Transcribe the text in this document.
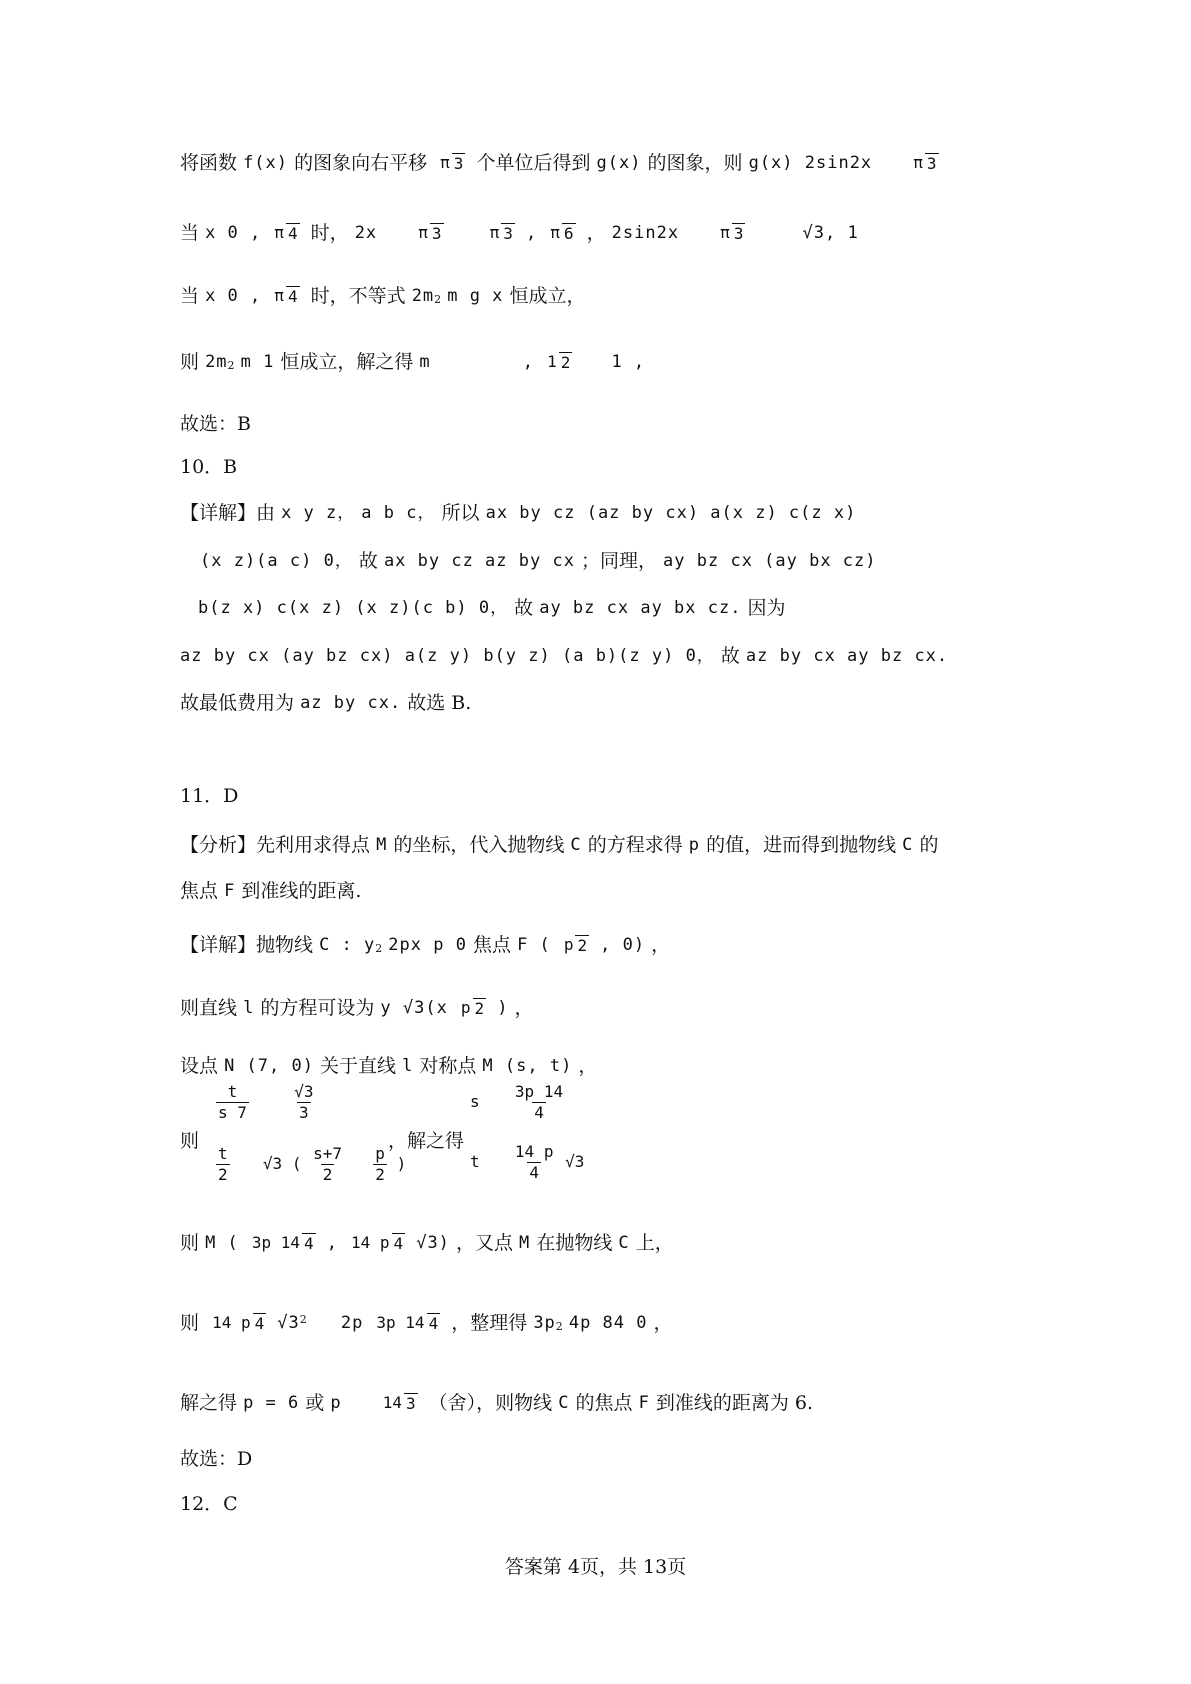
将函数 f(x) 的图象向右平移 π 3 个单位后得到 g(x) 的图象，则 g(x) 2sin2x	π 3
当 x 0 , π 4 时， 2x	π 3	π 3 , π 6 ， 2sin2x	π 3	√3, 1
当 x 0 , π 4 时，不等式 2m2 m g x 恒成立，
则 2m2 m 1 恒成立，解之得 m	, 1 2 1 ,
故选：B
10．B
【详解】由 x y z， a b c， 所以 ax by cz (az by cx) a(x z) c(z x)
(x z)(a c) 0， 故 ax by cz az by cx ；同理， ay bz cx (ay bx cz)
b(z x) c(x z) (x z)(c b) 0， 故 ay bz cx ay bx cz. 因为
az by cx (ay bz cx) a(z y) b(y z) (a b)(z y) 0， 故 az by cx ay bz cx.
故最低费用为 az by cx. 故选 B.
11．D
【分析】先利用求得点 M 的坐标，代入抛物线 C 的方程求得 p 的值，进而得到抛物线 C 的
焦点 F 到准线的距离.
【详解】抛物线 C : y2 2px p 0 焦点 F ( p 2 , 0) ，
则直线 l 的方程可设为 y √3(x p 2 ) ，
设点 N (7, 0) 关于直线 l 对称点 M (s, t) ，
则
$\frac{t}{s 7}$
	$\frac{√3}{3}$
$\frac{t}{2} √3$ ( $\frac{s+7}{2}$
$\frac{p}{2}$ )
，解之得
s $\frac{3p 14}{4}$
t $\frac{14 p}{4} √3$
则 M ( 3p 14 4 , 14 p 4 √3) ，又点 M 在抛物线 C 上，
则 14 p 4 √32 2p 3p 14 4 ，整理得 3p2 4p 84 0 ，
解之得 p = 6 或 p	14 3 （舍），则物线 C 的焦点 F 到准线的距离为 6.
故选：D
12．C
答案第 4页，共 13页
